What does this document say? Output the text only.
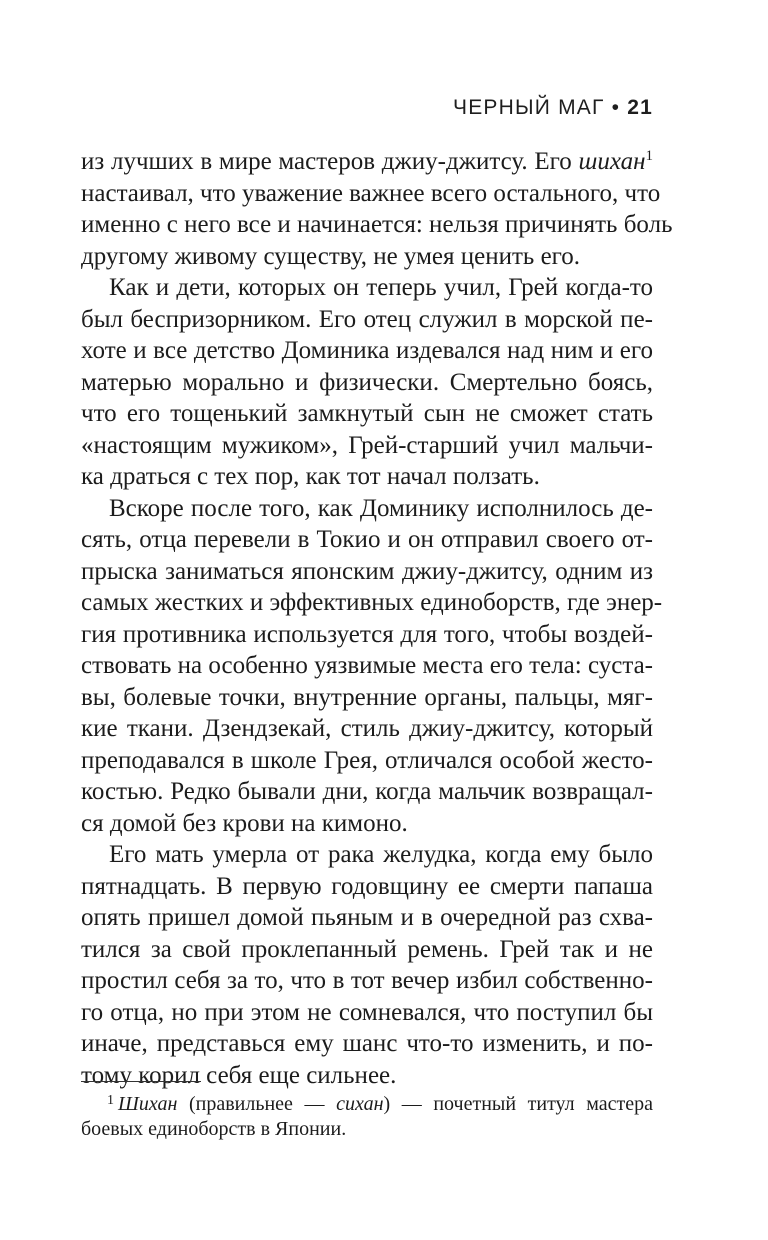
ЧЕРНЫЙ МАГ • 21
из лучших в мире мастеров джиу-джитсу. Его шихан$^1$
настаивал, что уважение важнее всего остального, что
именно с него все и начинается: нельзя причинять боль
другому живому существу, не умея ценить его.
Как и дети, которых он теперь учил, Грей когда-то
был беспризорником. Его отец служил в морской пе-
хоте и все детство Доминика издевался над ним и его
матерью морально и физически. Смертельно боясь,
что его тощенький замкнутый сын не сможет стать
«настоящим мужиком», Грей-старший учил мальчи-
ка драться с тех пор, как тот начал ползать.
Вскоре после того, как Доминику исполнилось де-
сять, отца перевели в Токио и он отправил своего от-
прыска заниматься японским джиу-джитсу, одним из
самых жестких и эффективных единоборств, где энер-
гия противника используется для того, чтобы воздей-
ствовать на особенно уязвимые места его тела: суста-
вы, болевые точки, внутренние органы, пальцы, мяг-
кие ткани. Дзендзекай, стиль джиу-джитсу, который
преподавался в школе Грея, отличался особой жесто-
костью. Редко бывали дни, когда мальчик возвращал-
ся домой без крови на кимоно.
Его мать умерла от рака желудка, когда ему было
пятнадцать. В первую годовщину ее смерти папаша
опять пришел домой пьяным и в очередной раз схва-
тился за свой проклепанный ремень. Грей так и не
простил себя за то, что в тот вечер избил собственно-
го отца, но при этом не сомневался, что поступил бы
иначе, представься ему шанс что-то изменить, и по-
тому корил себя еще сильнее.
$^1$ Шихан (правильнее — сихан) — почетный титул мастера
боевых единоборств в Японии.
